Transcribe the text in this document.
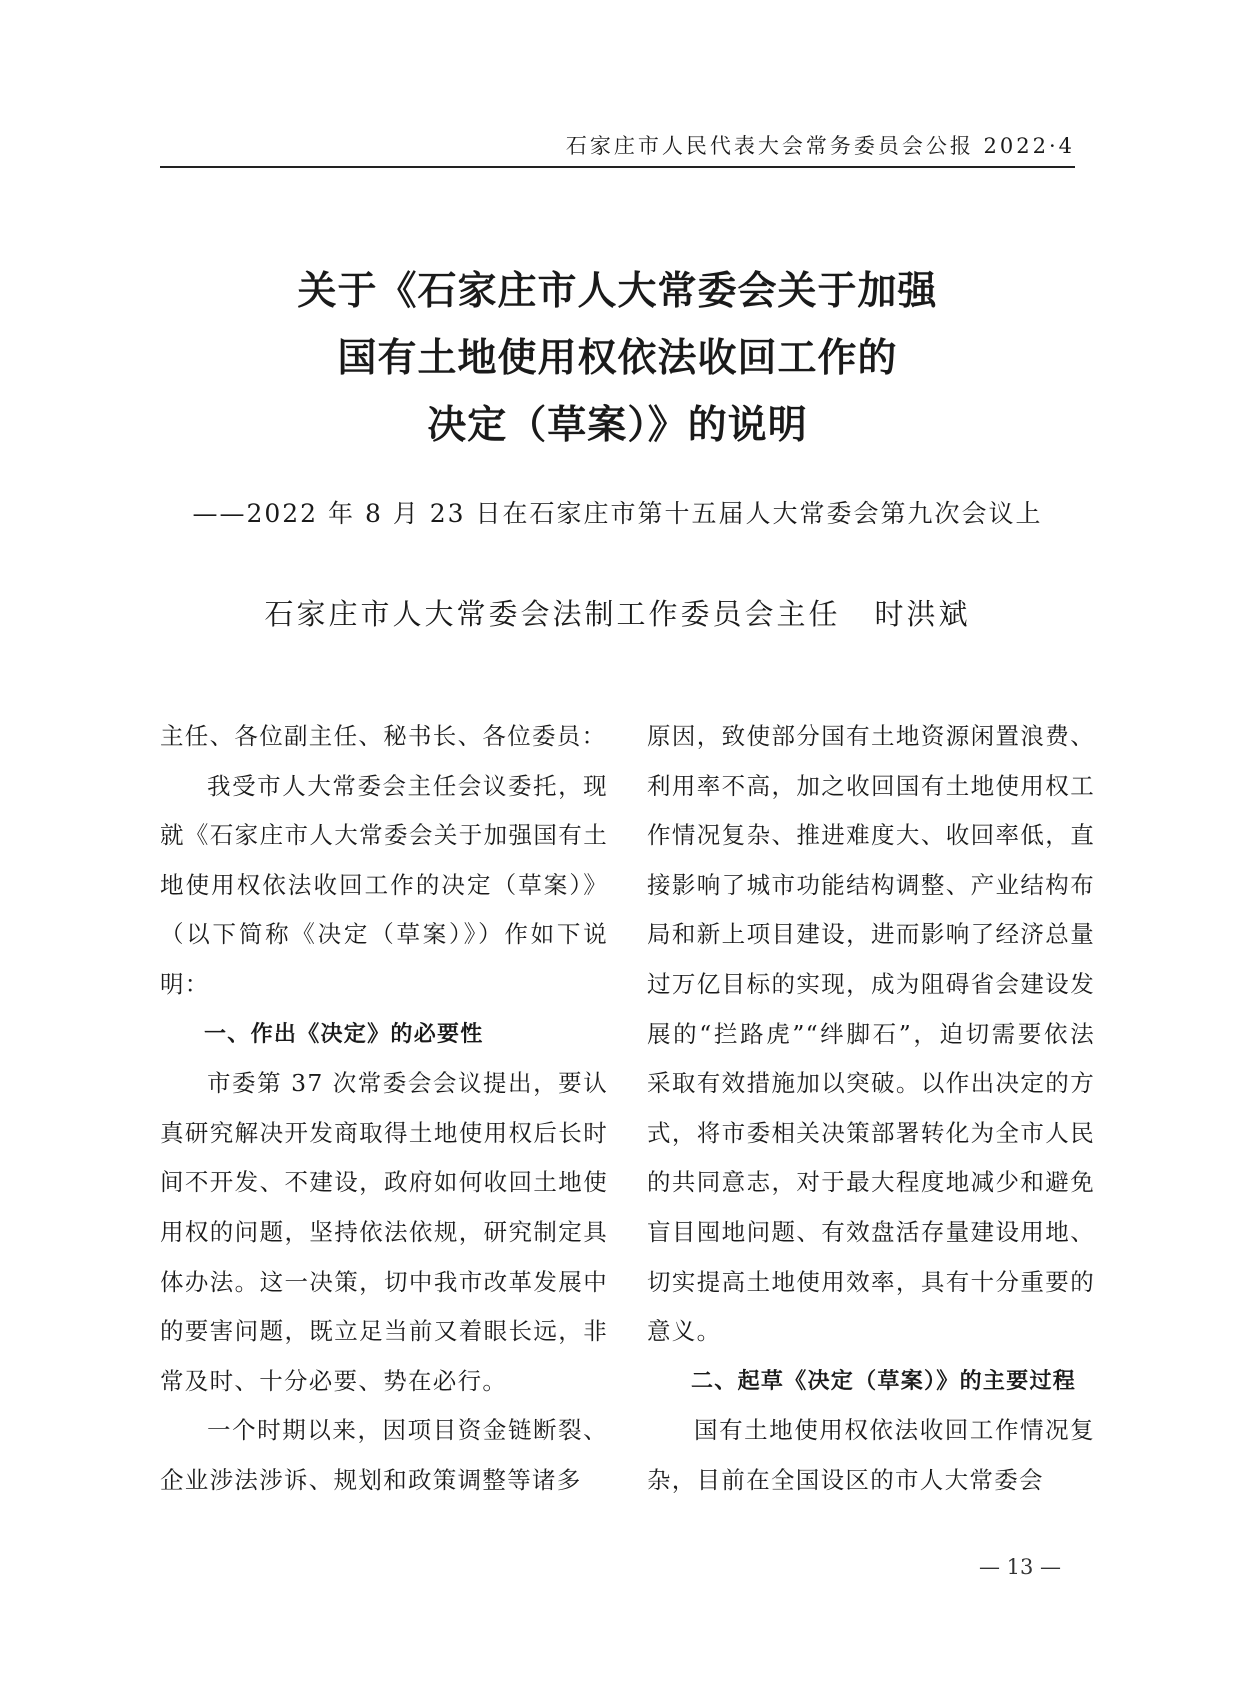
石家庄市人民代表大会常务委员会公报 2022·4
关于《石家庄市人大常委会关于加强
国有土地使用权依法收回工作的
决定（草案）》的说明
——2022 年 8 月 23 日在石家庄市第十五届人大常委会第九次会议上
石家庄市人大常委会法制工作委员会主任 时洪斌

主任、各位副主任、秘书长、各位委员：

我受市人大常委会主任会议委托，现就《石家庄市人大常委会关于加强国有土地使用权依法收回工作的决定（草案）》（以下简称《决定（草案）》）作如下说明：

一、作出《决定》的必要性

市委第 37 次常委会会议提出，要认真研究解决开发商取得土地使用权后长时间不开发、不建设，政府如何收回土地使用权的问题，坚持依法依规，研究制定具体办法。这一决策，切中我市改革发展中的要害问题，既立足当前又着眼长远，非常及时、十分必要、势在必行。

一个时期以来，因项目资金链断裂、企业涉法涉诉、规划和政策调整等诸多

原因，致使部分国有土地资源闲置浪费、利用率不高，加之收回国有土地使用权工作情况复杂、推进难度大、收回率低，直接影响了城市功能结构调整、产业结构布局和新上项目建设，进而影响了经济总量过万亿目标的实现，成为阻碍省会建设发展的“拦路虎”“绊脚石”，迫切需要依法采取有效措施加以突破。以作出决定的方式，将市委相关决策部署转化为全市人民的共同意志，对于最大程度地减少和避免盲目囤地问题、有效盘活存量建设用地、切实提高土地使用效率，具有十分重要的意义。

二、起草《决定（草案）》的主要过程

国有土地使用权依法收回工作情况复杂，目前在全国设区的市人大常委会

— 13 —
